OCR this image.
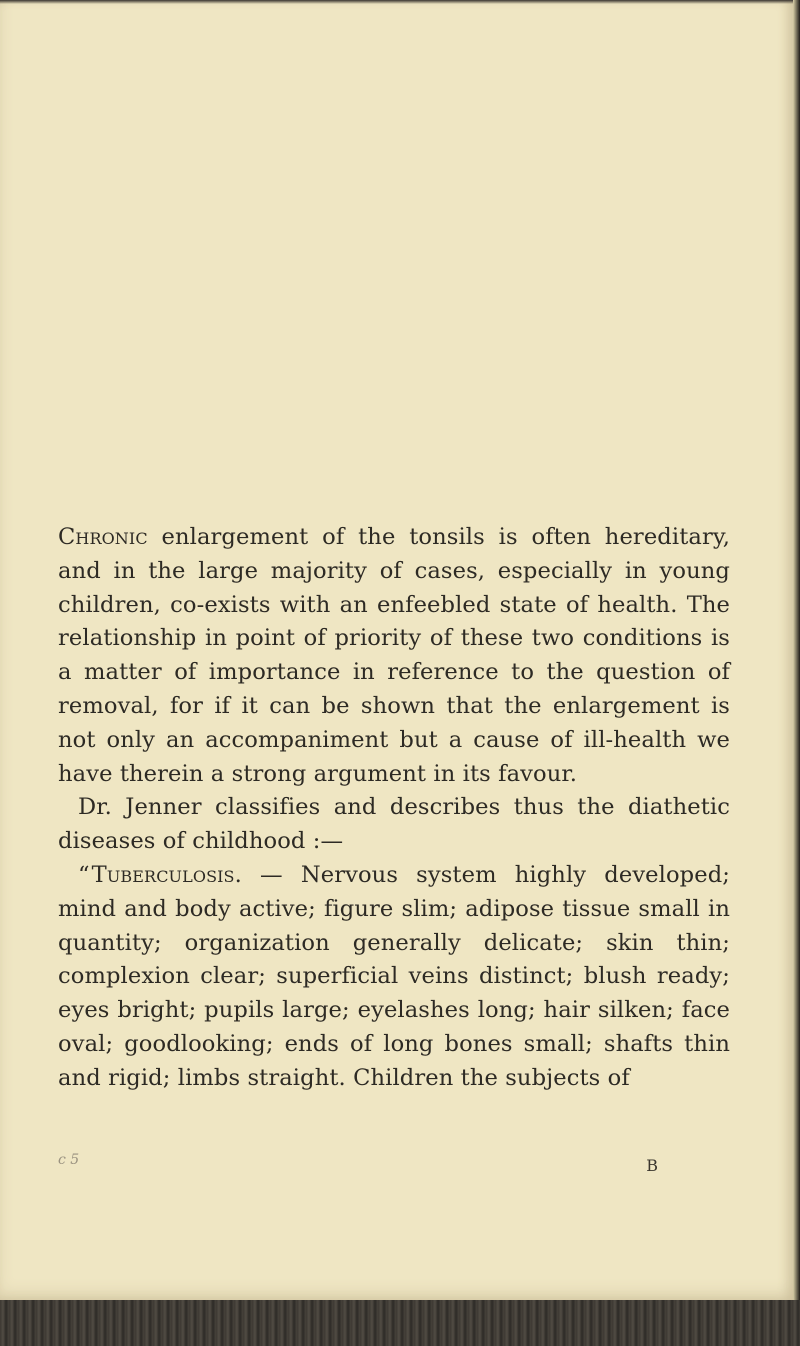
Chronic enlargement of the tonsils is often hereditary, and in the large majority of cases, especially in young children, co-exists with an enfeebled state of health. The relationship in point of priority of these two conditions is a matter of importance in reference to the question of removal, for if it can be shown that the enlargement is not only an accompaniment but a cause of ill-health we have therein a strong argument in its favour.

Dr. Jenner classifies and describes thus the diathetic diseases of childhood :—

“Tuberculosis. — Nervous system highly developed; mind and body active; figure slim; adipose tissue small in quantity; organization generally delicate; skin thin; complexion clear; superficial veins distinct; blush ready; eyes bright; pupils large; eyelashes long; hair silken; face oval; goodlooking; ends of long bones small; shafts thin and rigid; limbs straight. Children the subjects of

c 5	B
